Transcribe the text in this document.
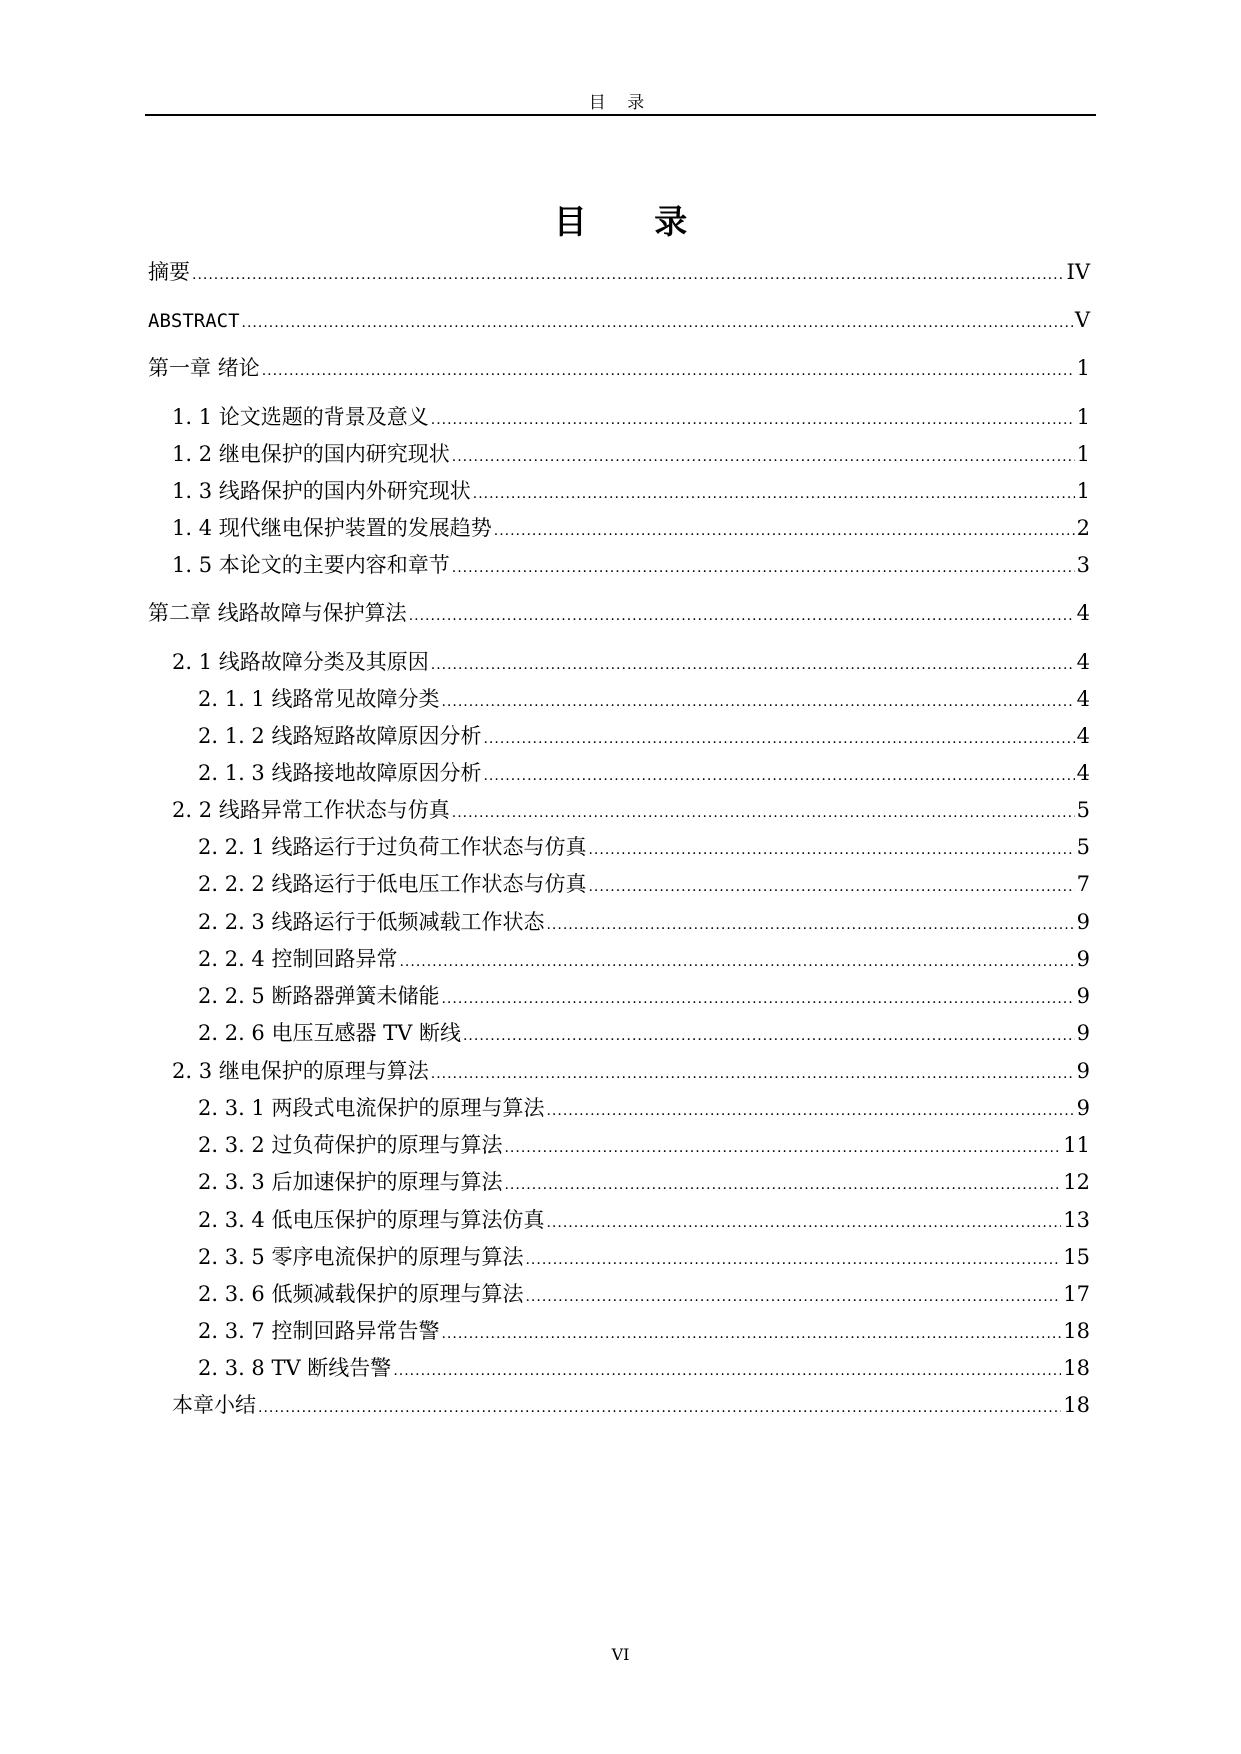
目 录
目 录
摘要 .....	IV
ABSTRACT .....	V
第一章 绪论 .....	1
1. 1 论文选题的背景及意义 .....	1
1. 2 继电保护的国内研究现状 .....	1
1. 3 线路保护的国内外研究现状 .....	1
1. 4 现代继电保护装置的发展趋势 .....	2
1. 5 本论文的主要内容和章节 .....	3
第二章 线路故障与保护算法 .....	4
2. 1 线路故障分类及其原因 .....	4
2. 1. 1 线路常见故障分类 .....	4
2. 1. 2 线路短路故障原因分析 .....	4
2. 1. 3 线路接地故障原因分析 .....	4
2. 2 线路异常工作状态与仿真 .....	5
2. 2. 1 线路运行于过负荷工作状态与仿真 .....	5
2. 2. 2 线路运行于低电压工作状态与仿真 .....	7
2. 2. 3 线路运行于低频减载工作状态 .....	9
2. 2. 4 控制回路异常 .....	9
2. 2. 5 断路器弹簧未储能 .....	9
2. 2. 6 电压互感器 TV 断线 .....	9
2. 3 继电保护的原理与算法 .....	9
2. 3. 1 两段式电流保护的原理与算法 .....	9
2. 3. 2 过负荷保护的原理与算法 .....	11
2. 3. 3 后加速保护的原理与算法 .....	12
2. 3. 4 低电压保护的原理与算法仿真 .....	13
2. 3. 5 零序电流保护的原理与算法 .....	15
2. 3. 6 低频减载保护的原理与算法 .....	17
2. 3. 7 控制回路异常告警 .....	18
2. 3. 8 TV 断线告警 .....	18
本章小结 .....	18
VI
